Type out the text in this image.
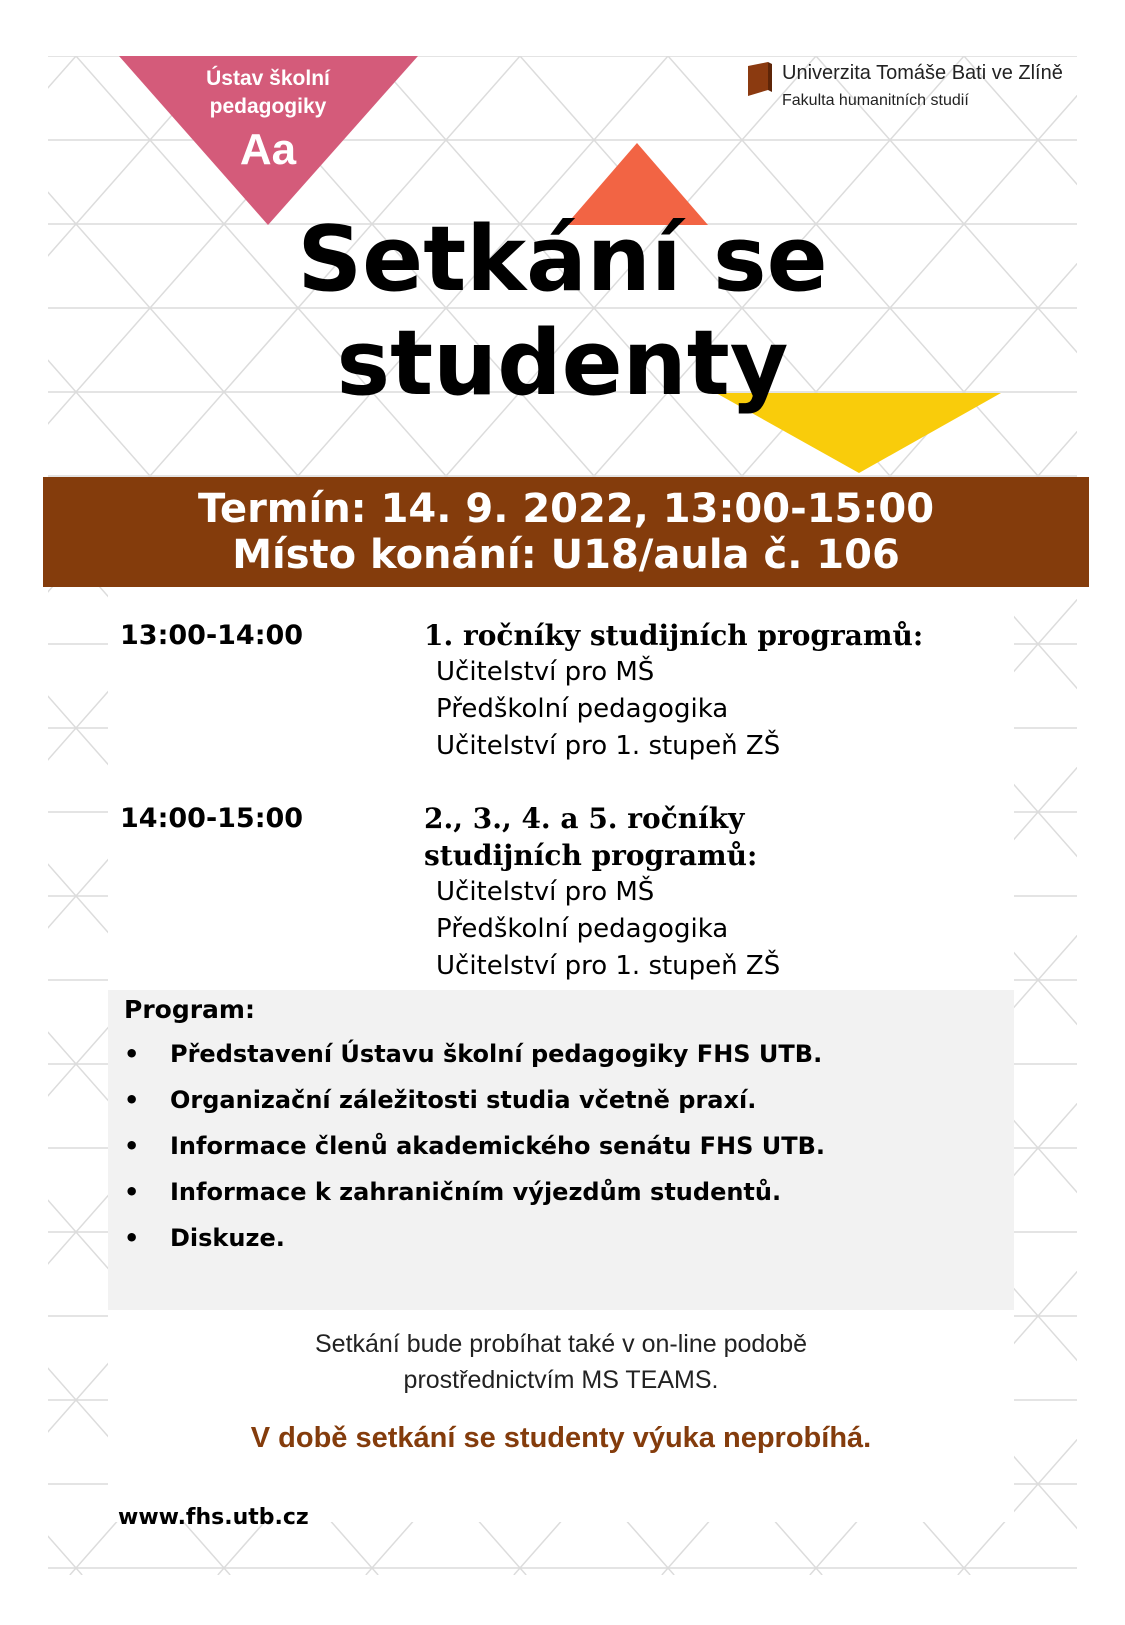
Ústav školní
pedagogiky
Aa
Univerzita Tomáše Bati ve Zlíně
Fakulta humanitních studií
Setkání se
studenty
Termín: 14. 9. 2022, 13:00-15:00
Místo konání: U18/aula č. 106
13:00-14:00	1. ročníky studijních programů:
Učitelství pro MŠ
Předškolní pedagogika
Učitelství pro 1. stupeň ZŠ
14:00-15:00	2., 3., 4. a 5. ročníky
studijních programů:
Učitelství pro MŠ
Předškolní pedagogika
Učitelství pro 1. stupeň ZŠ
Program:
• Představení Ústavu školní pedagogiky FHS UTB.
• Organizační záležitosti studia včetně praxí.
• Informace členů akademického senátu FHS UTB.
• Informace k zahraničním výjezdům studentů.
• Diskuze.
Setkání bude probíhat také v on-line podobě
prostřednictvím MS TEAMS.
V době setkání se studenty výuka neprobíhá.
www.fhs.utb.cz
